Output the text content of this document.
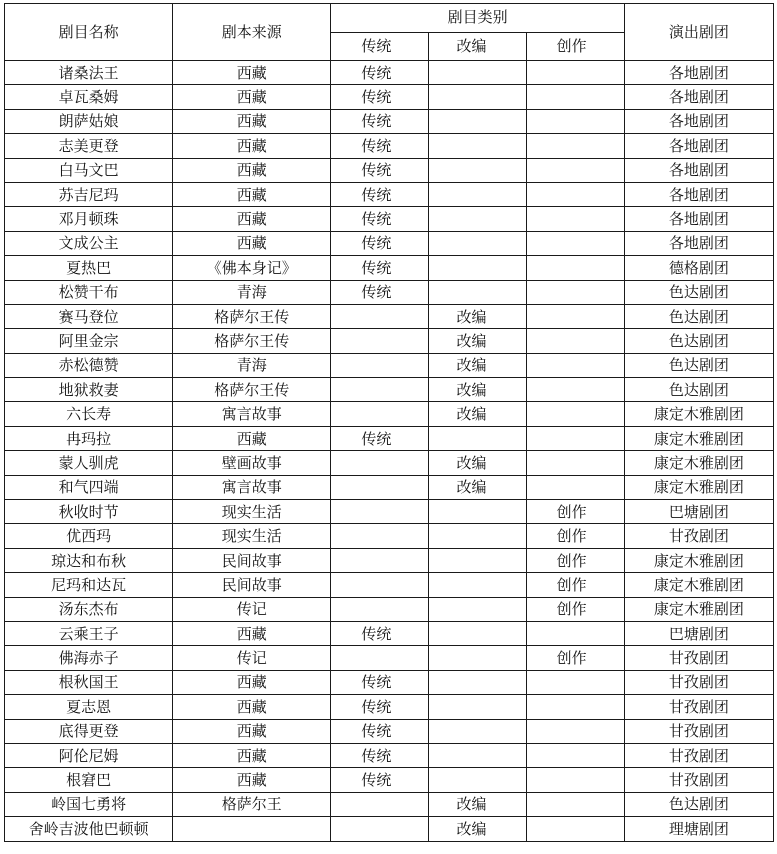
剧目名称	剧本来源	剧目类别			演出剧团
		传统	改编	创作	
诸桑法王	西藏	传统			各地剧团
卓瓦桑姆	西藏	传统			各地剧团
朗萨姑娘	西藏	传统			各地剧团
志美更登	西藏	传统			各地剧团
白马文巴	西藏	传统			各地剧团
苏吉尼玛	西藏	传统			各地剧团
邓月顿珠	西藏	传统			各地剧团
文成公主	西藏	传统			各地剧团
夏热巴	《佛本身记》	传统			德格剧团
松赞干布	青海	传统			色达剧团
赛马登位	格萨尔王传		改编		色达剧团
阿里金宗	格萨尔王传		改编		色达剧团
赤松德赞	青海		改编		色达剧团
地狱救妻	格萨尔王传		改编		色达剧团
六长寿	寓言故事		改编		康定木雅剧团
冉玛拉	西藏	传统			康定木雅剧团
蒙人驯虎	壁画故事		改编		康定木雅剧团
和气四端	寓言故事		改编		康定木雅剧团
秋收时节	现实生活			创作	巴塘剧团
优西玛	现实生活			创作	甘孜剧团
琼达和布秋	民间故事			创作	康定木雅剧团
尼玛和达瓦	民间故事			创作	康定木雅剧团
汤东杰布	传记			创作	康定木雅剧团
云乘王子	西藏	传统			巴塘剧团
佛海赤子	传记			创作	甘孜剧团
根秋国王	西藏	传统			甘孜剧团
夏志恩	西藏	传统			甘孜剧团
底得更登	西藏	传统			甘孜剧团
阿伦尼姆	西藏	传统			甘孜剧团
根窘巴	西藏	传统			甘孜剧团
岭国七勇将	格萨尔王		改编		色达剧团
舍岭吉波他巴顿顿			改编		理塘剧团
